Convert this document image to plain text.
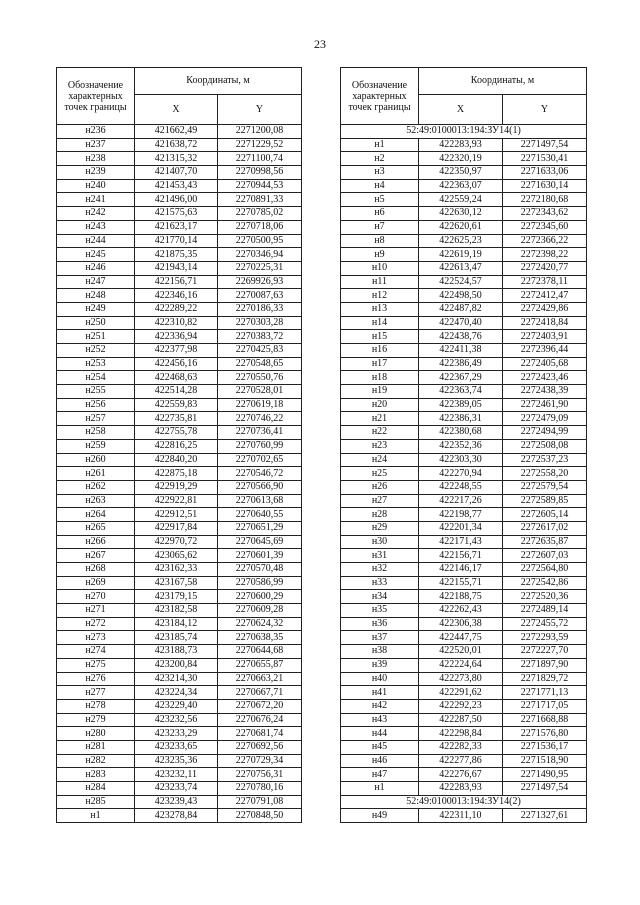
23
Обозначение характерных точек границы	Координаты, м	
	X	Y
н236	421662,49	2271200,08
н237	421638,72	2271229,52
н238	421315,32	2271100,74
н239	421407,70	2270998,56
н240	421453,43	2270944,53
н241	421496,00	2270891,33
н242	421575,63	2270785,02
н243	421623,17	2270718,06
н244	421770,14	2270500,95
н245	421875,35	2270346,94
н246	421943,14	2270225,31
н247	422156,71	2269926,93
н248	422346,16	2270087,63
н249	422289,22	2270186,33
н250	422310,82	2270303,28
н251	422336,94	2270383,72
н252	422377,98	2270425,83
н253	422456,16	2270548,65
н254	422468,63	2270550,76
н255	422514,28	2270528,01
н256	422559,83	2270619,18
н257	422735,81	2270746,22
н258	422755,78	2270736,41
н259	422816,25	2270760,99
н260	422840,20	2270702,65
н261	422875,18	2270546,72
н262	422919,29	2270566,90
н263	422922,81	2270613,68
н264	422912,51	2270640,55
н265	422917,84	2270651,29
н266	422970,72	2270645,69
н267	423065,62	2270601,39
н268	423162,33	2270570,48
н269	423167,58	2270586,99
н270	423179,15	2270600,29
н271	423182,58	2270609,28
н272	423184,12	2270624,32
н273	423185,74	2270638,35
н274	423188,73	2270644,68
н275	423200,84	2270655,87
н276	423214,30	2270663,21
н277	423224,34	2270667,71
н278	423229,40	2270672,20
н279	423232,56	2270676,24
н280	423233,29	2270681,74
н281	423233,65	2270692,56
н282	423235,36	2270729,34
н283	423232,11	2270756,31
н284	423233,74	2270780,16
н285	423239,43	2270791,08
н1	423278,84	2270848,50
Обозначение характерных точек границы	Координаты, м	
	X	Y
52:49:0100013:194:ЗУ14(1)		
н1	422283,93	2271497,54
н2	422320,19	2271530,41
н3	422350,97	2271633,06
н4	422363,07	2271630,14
н5	422559,24	2272180,68
н6	422630,12	2272343,62
н7	422620,61	2272345,60
н8	422625,23	2272366,22
н9	422619,19	2272398,22
н10	422613,47	2272420,77
н11	422524,57	2272378,11
н12	422498,50	2272412,47
н13	422487,82	2272429,86
н14	422470,40	2272418,84
н15	422438,76	2272403,91
н16	422411,38	2272396,44
н17	422386,49	2272405,68
н18	422367,29	2272423,46
н19	422363,74	2272438,39
н20	422389,05	2272461,90
н21	422386,31	2272479,09
н22	422380,68	2272494,99
н23	422352,36	2272508,08
н24	422303,30	2272537,23
н25	422270,94	2272558,20
н26	422248,55	2272579,54
н27	422217,26	2272589,85
н28	422198,77	2272605,14
н29	422201,34	2272617,02
н30	422171,43	2272635,87
н31	422156,71	2272607,03
н32	422146,17	2272564,80
н33	422155,71	2272542,86
н34	422188,75	2272520,36
н35	422262,43	2272489,14
н36	422306,38	2272455,72
н37	422447,75	2272293,59
н38	422520,01	2272227,70
н39	422224,64	2271897,90
н40	422273,80	2271829,72
н41	422291,62	2271771,13
н42	422292,23	2271717,05
н43	422287,50	2271668,88
н44	422298,84	2271576,80
н45	422282,33	2271536,17
н46	422277,86	2271518,90
н47	422276,67	2271490,95
н1	422283,93	2271497,54
52:49:0100013:194:ЗУ14(2)		
н49	422311,10	2271327,61
